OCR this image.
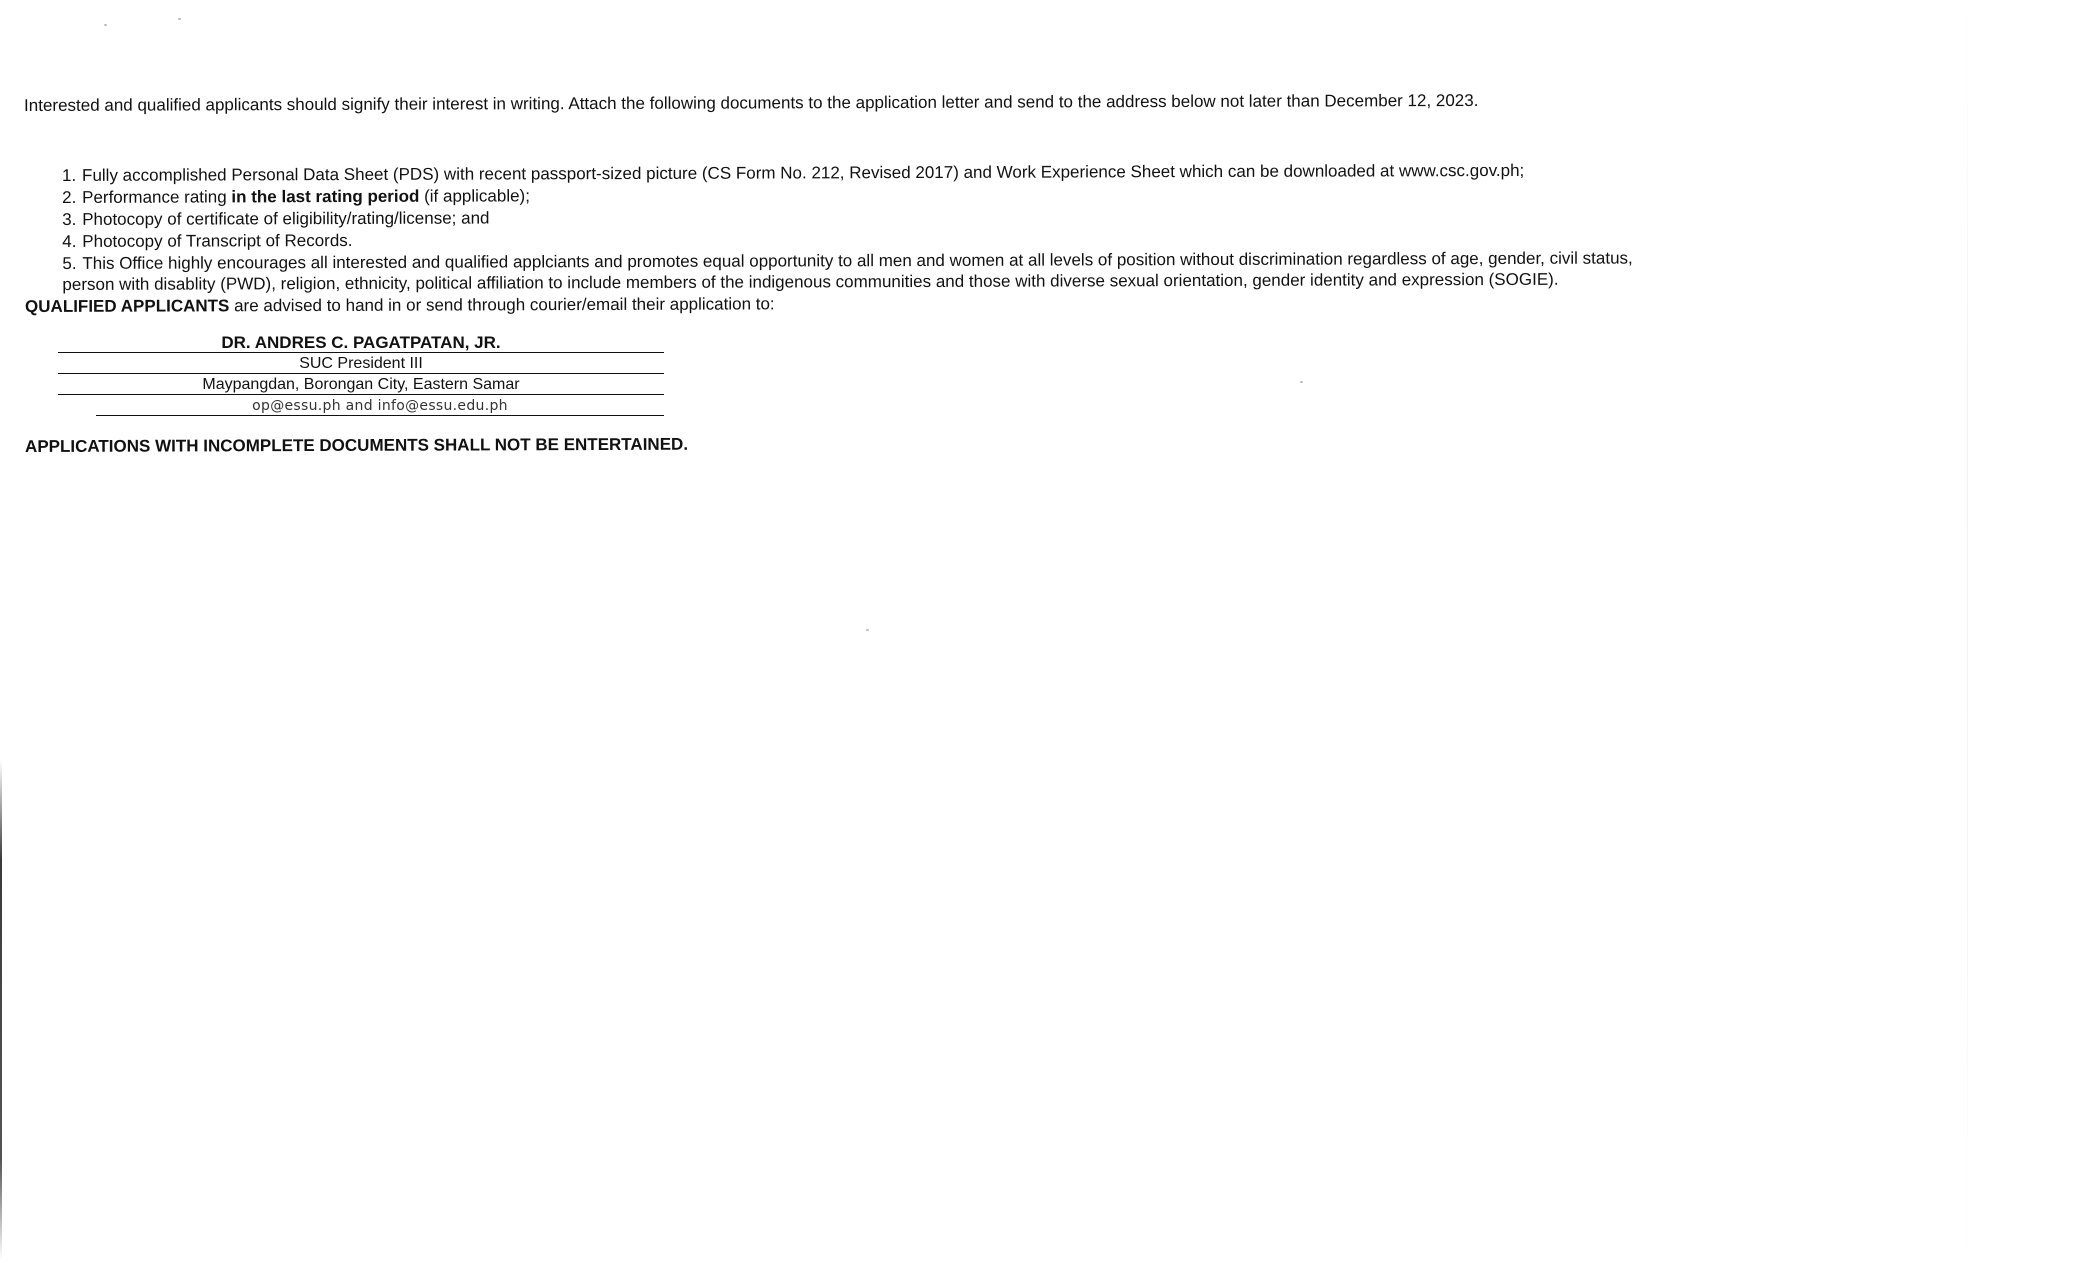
Interested and qualified applicants should signify their interest in writing. Attach the following documents to the application letter and send to the address below not later than December 12, 2023.
1. Fully accomplished Personal Data Sheet (PDS) with recent passport-sized picture (CS Form No. 212, Revised 2017) and Work Experience Sheet which can be downloaded at www.csc.gov.ph;
2. Performance rating in the last rating period (if applicable);
3. Photocopy of certificate of eligibility/rating/license; and
4. Photocopy of Transcript of Records.
5. This Office highly encourages all interested and qualified applciants and promotes equal opportunity to all men and women at all levels of position without discrimination regardless of age, gender, civil status,
person with disablity (PWD), religion, ethnicity, political affiliation to include members of the indigenous communities and those with diverse sexual orientation, gender identity and expression (SOGIE).
QUALIFIED APPLICANTS are advised to hand in or send through courier/email their application to:
DR. ANDRES C. PAGATPATAN, JR.
SUC President III
Maypangdan, Borongan City, Eastern Samar
op@essu.ph and info@essu.edu.ph
APPLICATIONS WITH INCOMPLETE DOCUMENTS SHALL NOT BE ENTERTAINED.
